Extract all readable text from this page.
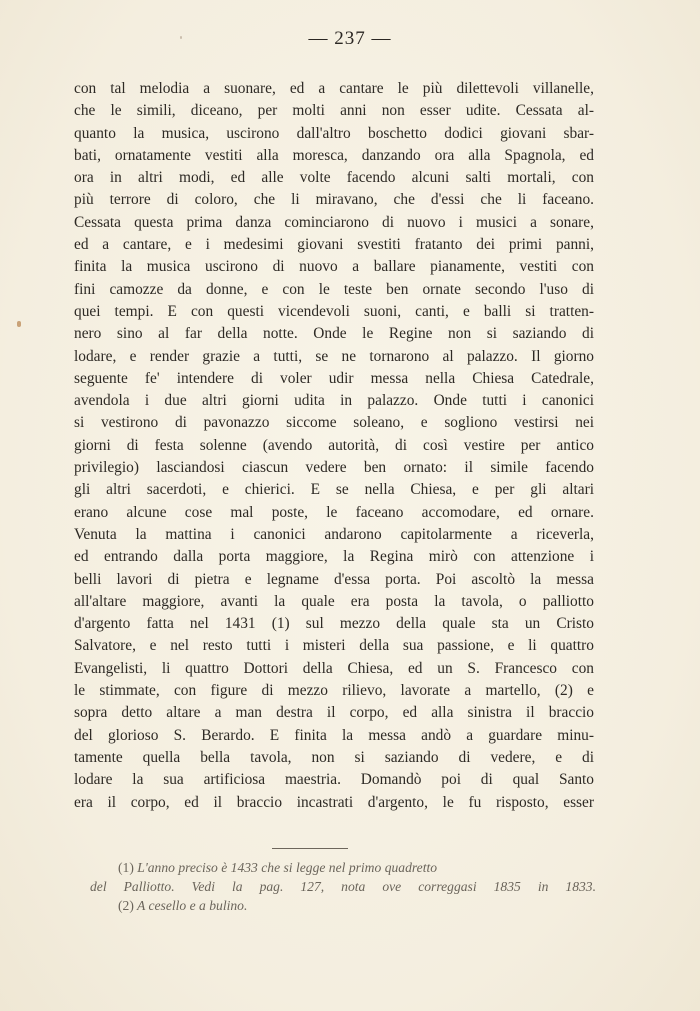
— 237 —
con tal melodia a suonare, ed a cantare le più dilettevoli villanelle,
che le simili, diceano, per molti anni non esser udite. Cessata al-
quanto la musica, uscirono dall'altro boschetto dodici giovani sbar-
bati, ornatamente vestiti alla moresca, danzando ora alla Spagnola, ed
ora in altri modi, ed alle volte facendo alcuni salti mortali, con
più terrore di coloro, che li miravano, che d'essi che li faceano.
Cessata questa prima danza cominciarono di nuovo i musici a sonare,
ed a cantare, e i medesimi giovani svestiti fratanto dei primi panni,
finita la musica uscirono di nuovo a ballare pianamente, vestiti con
fini camozze da donne, e con le teste ben ornate secondo l'uso di
quei tempi. E con questi vicendevoli suoni, canti, e balli si tratten-
nero sino al far della notte. Onde le Regine non si saziando di
lodare, e render grazie a tutti, se ne tornarono al palazzo. Il giorno
seguente fe' intendere di voler udir messa nella Chiesa Catedrale,
avendola i due altri giorni udita in palazzo. Onde tutti i canonici
si vestirono di pavonazzo siccome soleano, e sogliono vestirsi nei
giorni di festa solenne (avendo autorità, di così vestire per antico
privilegio) lasciandosi ciascun vedere ben ornato: il simile facendo
gli altri sacerdoti, e chierici. E se nella Chiesa, e per gli altari
erano alcune cose mal poste, le faceano accomodare, ed ornare.
Venuta la mattina i canonici andarono capitolarmente a riceverla,
ed entrando dalla porta maggiore, la Regina mirò con attenzione i
belli lavori di pietra e legname d'essa porta. Poi ascoltò la messa
all'altare maggiore, avanti la quale era posta la tavola, o palliotto
d'argento fatta nel 1431 (1) sul mezzo della quale sta un Cristo
Salvatore, e nel resto tutti i misteri della sua passione, e li quattro
Evangelisti, li quattro Dottori della Chiesa, ed un S. Francesco con
le stimmate, con figure di mezzo rilievo, lavorate a martello, (2) e
sopra detto altare a man destra il corpo, ed alla sinistra il braccio
del glorioso S. Berardo. E finita la messa andò a guardare minu-
tamente quella bella tavola, non si saziando di vedere, e di
lodare la sua artificiosa maestria. Domandò poi di qual Santo
era il corpo, ed il braccio incastrati d'argento, le fu risposto, esser
(1) L'anno preciso è 1433 che si legge nel primo quadretto
del Palliotto. Vedi la pag. 127, nota ove correggasi 1835 in 1833.
(2) A cesello e a bulino.
